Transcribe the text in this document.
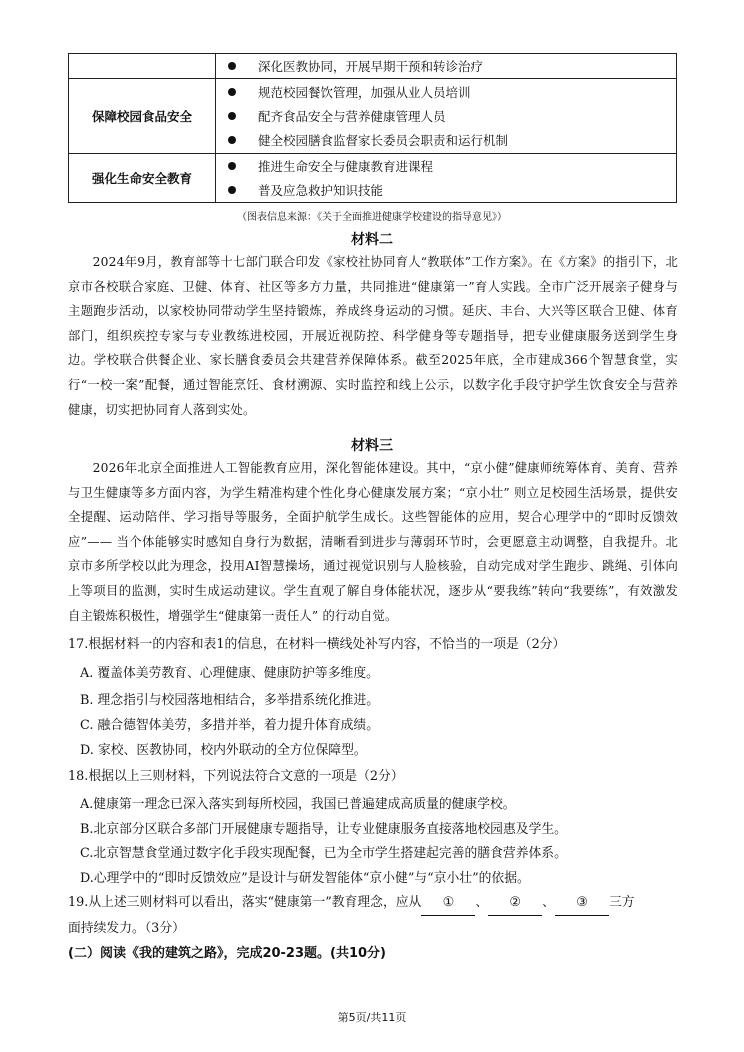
	深化医教协同，开展早期干预和转诊治疗

保障校园食品安全	规范校园餐饮管理，加强从业人员培训
配齐食品安全与营养健康管理人员
健全校园膳食监督家长委员会职责和运行机制

强化生命安全教育	推进生命安全与健康教育进课程
普及应急救护知识技能
（图表信息来源：《关于全面推进健康学校建设的指导意见》）
材料二
2024年9月，教育部等十七部门联合印发《家校社协同育人“教联体”工作方案》。在《方案》的指引下，北京市各校联合家庭、卫健、体育、社区等多方力量，共同推进“健康第一”育人实践。全市广泛开展亲子健身与主题跑步活动，以家校协同带动学生坚持锻炼，养成终身运动的习惯。延庆、丰台、大兴等区联合卫健、体育部门，组织疾控专家与专业教练进校园，开展近视防控、科学健身等专题指导，把专业健康服务送到学生身边。学校联合供餐企业、家长膳食委员会共建营养保障体系。截至2025年底，全市建成366个智慧食堂，实行“一校一案”配餐，通过智能烹饪、食材溯源、实时监控和线上公示，以数字化手段守护学生饮食安全与营养健康，切实把协同育人落到实处。
材料三
2026年北京全面推进人工智能教育应用，深化智能体建设。其中，“京小健”健康师统筹体育、美育、营养与卫生健康等多方面内容，为学生精准构建个性化身心健康发展方案；“京小壮” 则立足校园生活场景，提供安全提醒、运动陪伴、学习指导等服务，全面护航学生成长。这些智能体的应用，契合心理学中的“即时反馈效应”—— 当个体能够实时感知自身行为数据，清晰看到进步与薄弱环节时，会更愿意主动调整，自我提升。北京市多所学校以此为理念，投用AI智慧操场，通过视觉识别与人脸核验，自动完成对学生跑步、跳绳、引体向上等项目的监测，实时生成运动建议。学生直观了解自身体能状况，逐步从“要我练”转向“我要练”，有效激发自主锻炼积极性，增强学生“健康第一责任人” 的行动自觉。
17.根据材料一的内容和表1的信息，在材料一横线处补写内容，不恰当的一项是（2分）
A. 覆盖体美劳教育、心理健康、健康防护等多维度。
B. 理念指引与校园落地相结合，多举措系统化推进。
C. 融合德智体美劳，多措并举，着力提升体育成绩。
D. 家校、医教协同，校内外联动的全方位保障型。
18.根据以上三则材料，下列说法符合文意的一项是（2分）
A.健康第一理念已深入落实到每所校园，我国已普遍建成高质量的健康学校。
B.北京部分区联合多部门开展健康专题指导，让专业健康服务直接落地校园惠及学生。
C.北京智慧食堂通过数字化手段实现配餐，已为全市学生搭建起完善的膳食营养体系。
D.心理学中的“即时反馈效应”是设计与研发智能体“京小健”与“京小壮”的依据。
19.从上述三则材料可以看出，落实“健康第一”教育理念，应从 ① 、 ② 、 ③ 三方
面持续发力。（3分）
(二）阅读《我的建筑之路》，完成20-23题。(共10分)
第5页/共11页
